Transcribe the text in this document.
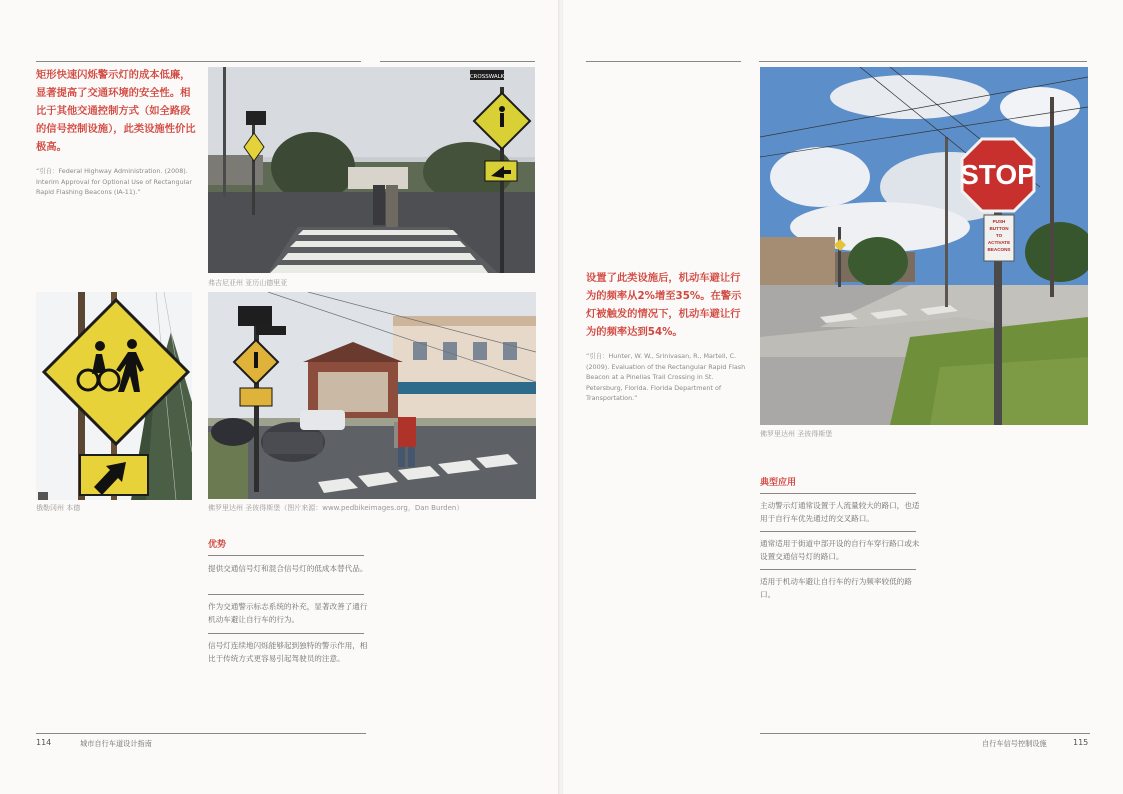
矩形快速闪烁警示灯的成本低廉，显著提高了交通环境的安全性。相比于其他交通控制方式（如全路段的信号控制设施），此类设施性价比极高。
“引自：Federal Highway Administration. (2008). Interim Approval for Optional Use of Rectangular Rapid Flashing Beacons (IA-11).”
CROSSWALK
弗吉尼亚州 亚历山德里亚
俄勒冈州 本德	佛罗里达州 圣彼得斯堡（图片来源：www.pedbikeimages.org，Dan Burden）
优势
提供交通信号灯和混合信号灯的低成本替代品。
作为交通警示标志系统的补充，显著改善了通行机动车避让自行车的行为。
信号灯连续地闪烁能够起到独特的警示作用，相比于传统方式更容易引起驾驶员的注意。
114	城市自行车道设计指南
设置了此类设施后，机动车避让行为的频率从2%增至35%。在警示灯被触发的情况下，机动车避让行为的频率达到54%。
“引自：Hunter, W. W., Srinivasan, R., Martell, C. (2009). Evaluation of the Rectangular Rapid Flash Beacon at a Pinellas Trail Crossing in St. Petersburg, Florida. Florida Department of Transportation.”
STOP
PUSH
BUTTON
TO
ACTIVATE
BEACONS
佛罗里达州 圣彼得斯堡
典型应用
主动警示灯通常设置于人流量较大的路口，也适用于自行车优先通过的交叉路口。
通常适用于街道中部开设的自行车穿行路口或未设置交通信号灯的路口。
适用于机动车避让自行车的行为频率较低的路口。
自行车信号控制设施	115
